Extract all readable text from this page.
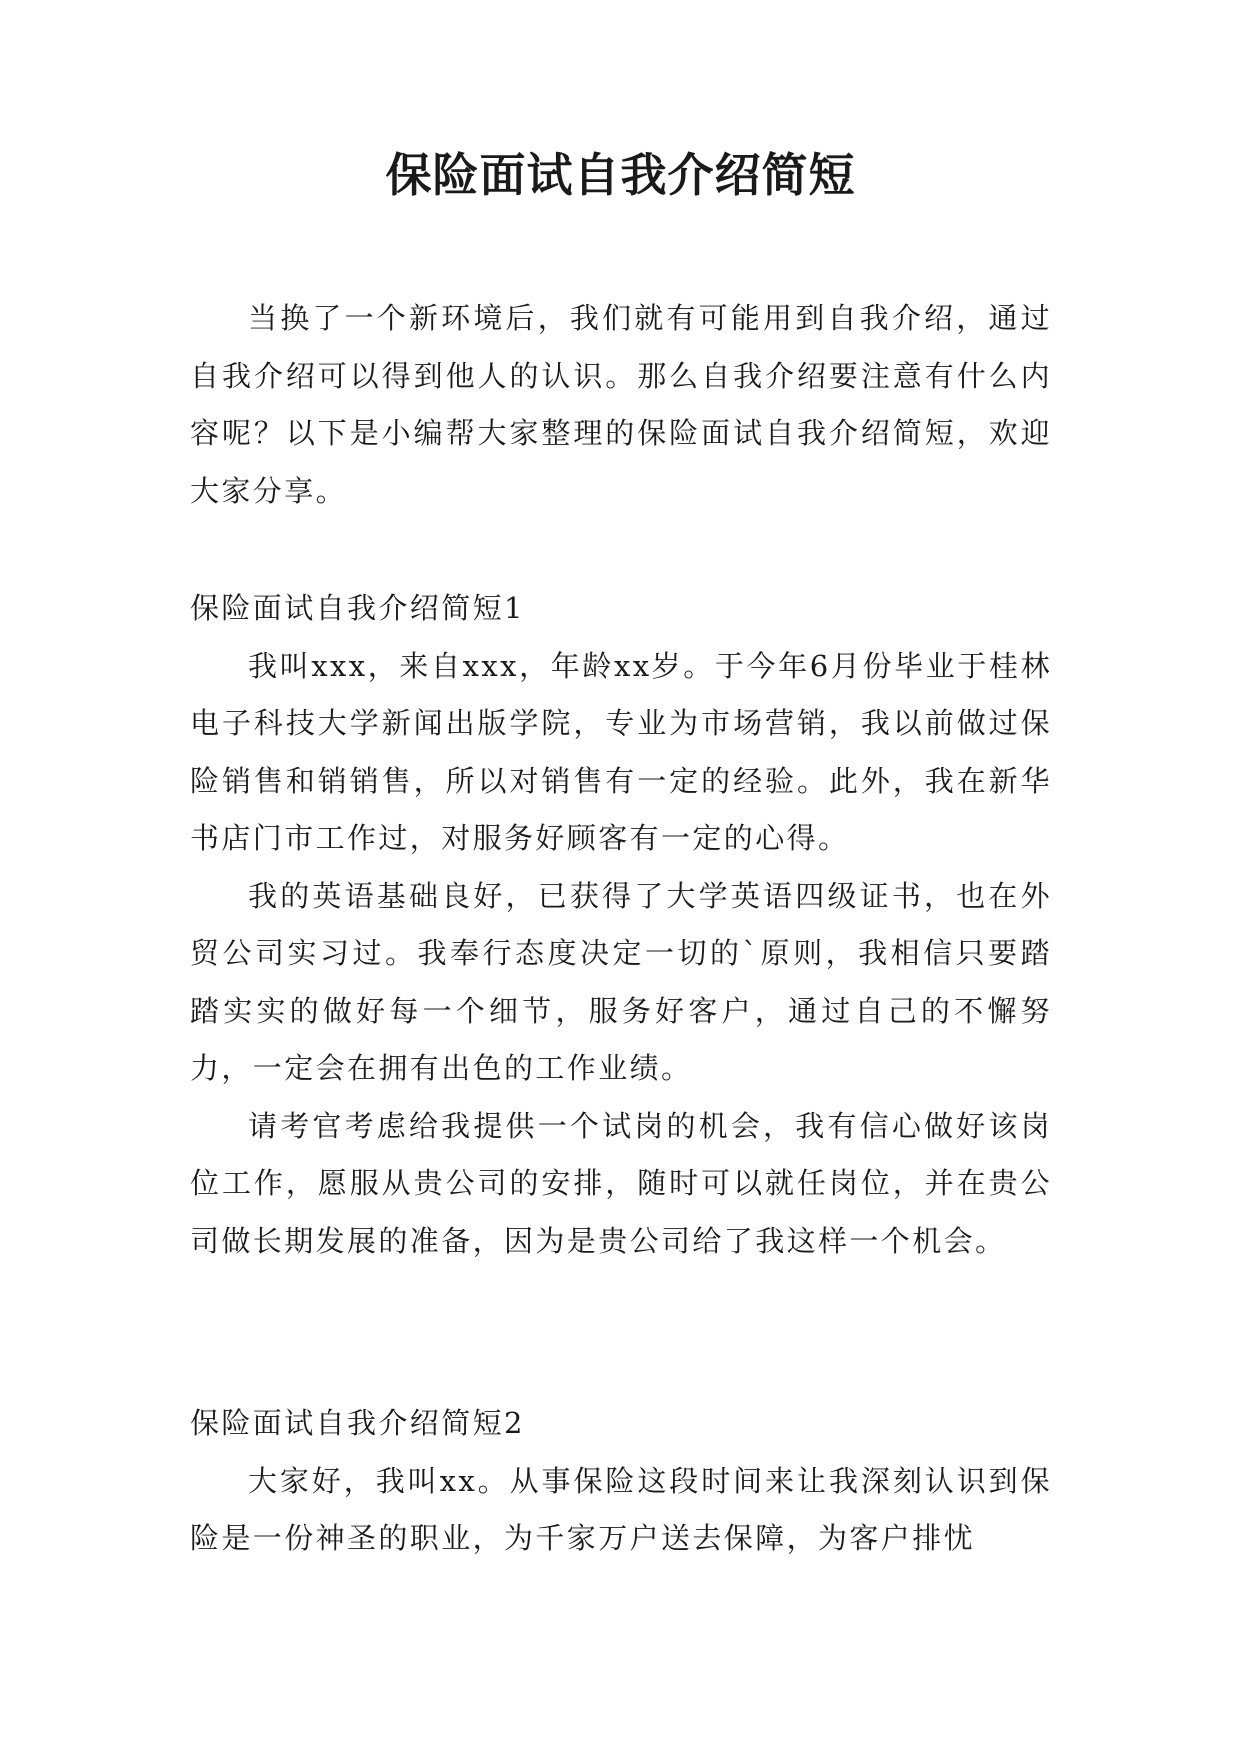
保险面试自我介绍简短

当换了一个新环境后，我们就有可能用到自我介绍，通过自我介绍可以得到他人的认识。那么自我介绍要注意有什么内容呢？以下是小编帮大家整理的保险面试自我介绍简短，欢迎大家分享。

保险面试自我介绍简短1

我叫xxx，来自xxx，年龄xx岁。于今年6月份毕业于桂林电子科技大学新闻出版学院，专业为市场营销，我以前做过保险销售和销销售，所以对销售有一定的经验。此外，我在新华书店门市工作过，对服务好顾客有一定的心得。

我的英语基础良好，已获得了大学英语四级证书，也在外贸公司实习过。我奉行态度决定一切的`原则，我相信只要踏踏实实的做好每一个细节，服务好客户，通过自己的不懈努力，一定会在拥有出色的工作业绩。

请考官考虑给我提供一个试岗的机会，我有信心做好该岗位工作，愿服从贵公司的安排，随时可以就任岗位，并在贵公司做长期发展的准备，因为是贵公司给了我这样一个机会。

保险面试自我介绍简短2

大家好，我叫xx。从事保险这段时间来让我深刻认识到保险是一份神圣的职业，为千家万户送去保障，为客户排忧
